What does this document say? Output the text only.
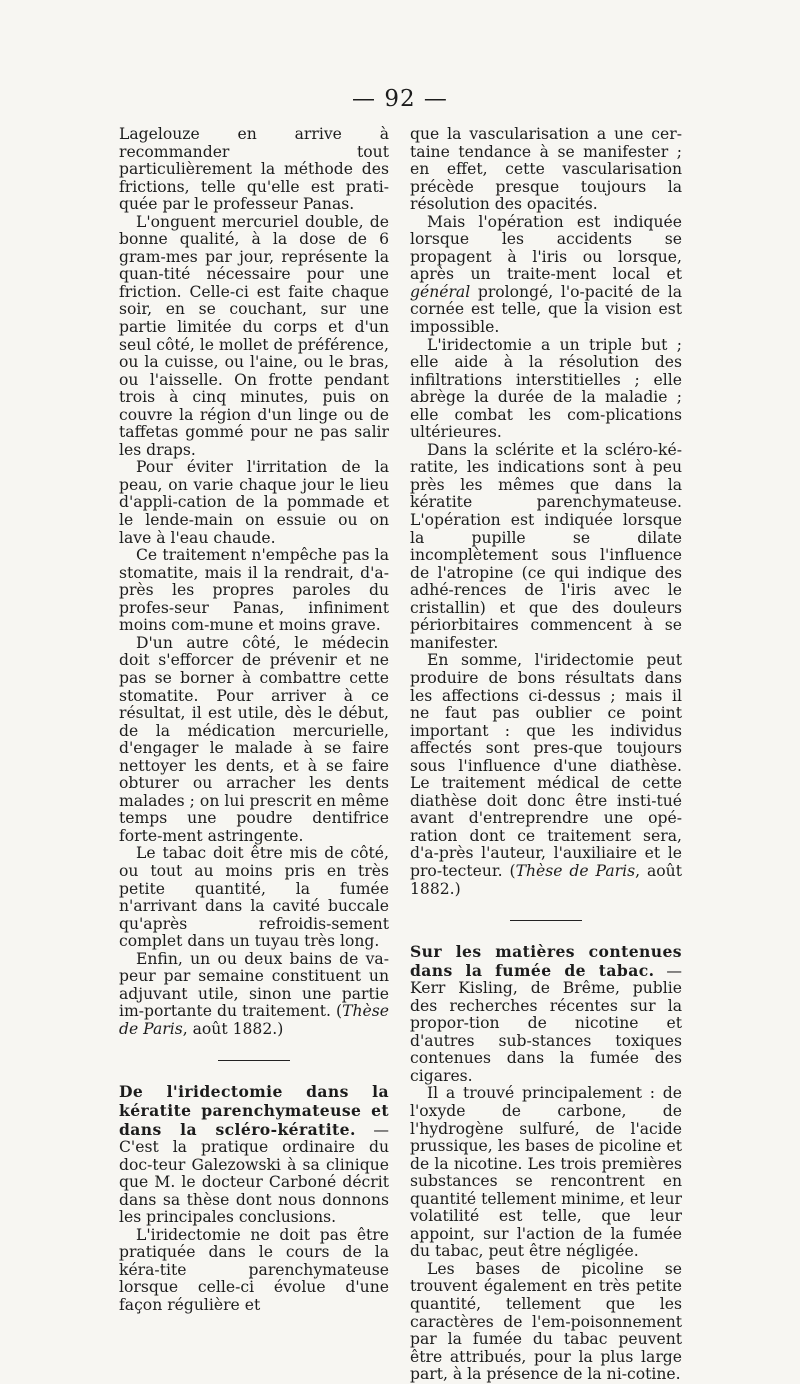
— 92 —

Lagelouze en arrive à recommander tout particulièrement la méthode des frictions, telle qu'elle est prati-quée par le professeur Panas.

L'onguent mercuriel double, de bonne qualité, à la dose de 6 gram-mes par jour, représente la quan-tité nécessaire pour une friction. Celle-ci est faite chaque soir, en se couchant, sur une partie limitée du corps et d'un seul côté, le mollet de préférence, ou la cuisse, ou l'aine, ou le bras, ou l'aisselle. On frotte pendant trois à cinq minutes, puis on couvre la région d'un linge ou de taffetas gommé pour ne pas salir les draps.

Pour éviter l'irritation de la peau, on varie chaque jour le lieu d'appli-cation de la pommade et le lende-main on essuie ou on lave à l'eau chaude.

Ce traitement n'empêche pas la stomatite, mais il la rendrait, d'a-près les propres paroles du profes-seur Panas, infiniment moins com-mune et moins grave.

D'un autre côté, le médecin doit s'efforcer de prévenir et ne pas se borner à combattre cette stomatite. Pour arriver à ce résultat, il est utile, dès le début, de la médication mercurielle, d'engager le malade à se faire nettoyer les dents, et à se faire obturer ou arracher les dents malades ; on lui prescrit en même temps une poudre dentifrice forte-ment astringente.

Le tabac doit être mis de côté, ou tout au moins pris en très petite quantité, la fumée n'arrivant dans la cavité buccale qu'après refroidis-sement complet dans un tuyau très long.

Enfin, un ou deux bains de va-peur par semaine constituent un adjuvant utile, sinon une partie im-portante du traitement. (Thèse de Paris, août 1882.)

De l'iridectomie dans la kératite parenchymateuse et dans la scléro-kératite. — C'est la pratique ordinaire du doc-teur Galezowski à sa clinique que M. le docteur Carboné décrit dans sa thèse dont nous donnons les principales conclusions.

L'iridectomie ne doit pas être pratiquée dans le cours de la kéra-tite parenchymateuse lorsque celle-ci évolue d'une façon régulière et

que la vascularisation a une cer-taine tendance à se manifester ; en effet, cette vascularisation précède presque toujours la résolution des opacités.

Mais l'opération est indiquée lorsque les accidents se propagent à l'iris ou lorsque, après un traite-ment local et général prolongé, l'o-pacité de la cornée est telle, que la vision est impossible.

L'iridectomie a un triple but ; elle aide à la résolution des infiltrations interstitielles ; elle abrège la durée de la maladie ; elle combat les com-plications ultérieures.

Dans la sclérite et la scléro-ké-ratite, les indications sont à peu près les mêmes que dans la kératite parenchymateuse. L'opération est indiquée lorsque la pupille se dilate incomplètement sous l'influence de l'atropine (ce qui indique des adhé-rences de l'iris avec le cristallin) et que des douleurs périorbitaires commencent à se manifester.

En somme, l'iridectomie peut produire de bons résultats dans les affections ci-dessus ; mais il ne faut pas oublier ce point important : que les individus affectés sont pres-que toujours sous l'influence d'une diathèse. Le traitement médical de cette diathèse doit donc être insti-tué avant d'entreprendre une opé-ration dont ce traitement sera, d'a-près l'auteur, l'auxiliaire et le pro-tecteur. (Thèse de Paris, août 1882.)

Sur les matières contenues dans la fumée de tabac. — Kerr Kisling, de Brême, publie des recherches récentes sur la propor-tion de nicotine et d'autres sub-stances toxiques contenues dans la fumée des cigares.

Il a trouvé principalement : de l'oxyde de carbone, de l'hydrogène sulfuré, de l'acide prussique, les bases de picoline et de la nicotine. Les trois premières substances se rencontrent en quantité tellement minime, et leur volatilité est telle, que leur appoint, sur l'action de la fumée du tabac, peut être négligée.

Les bases de picoline se trouvent également en très petite quantité, tellement que les caractères de l'em-poisonnement par la fumée du tabac peuvent être attribués, pour la plus large part, à la présence de la ni-cotine.
